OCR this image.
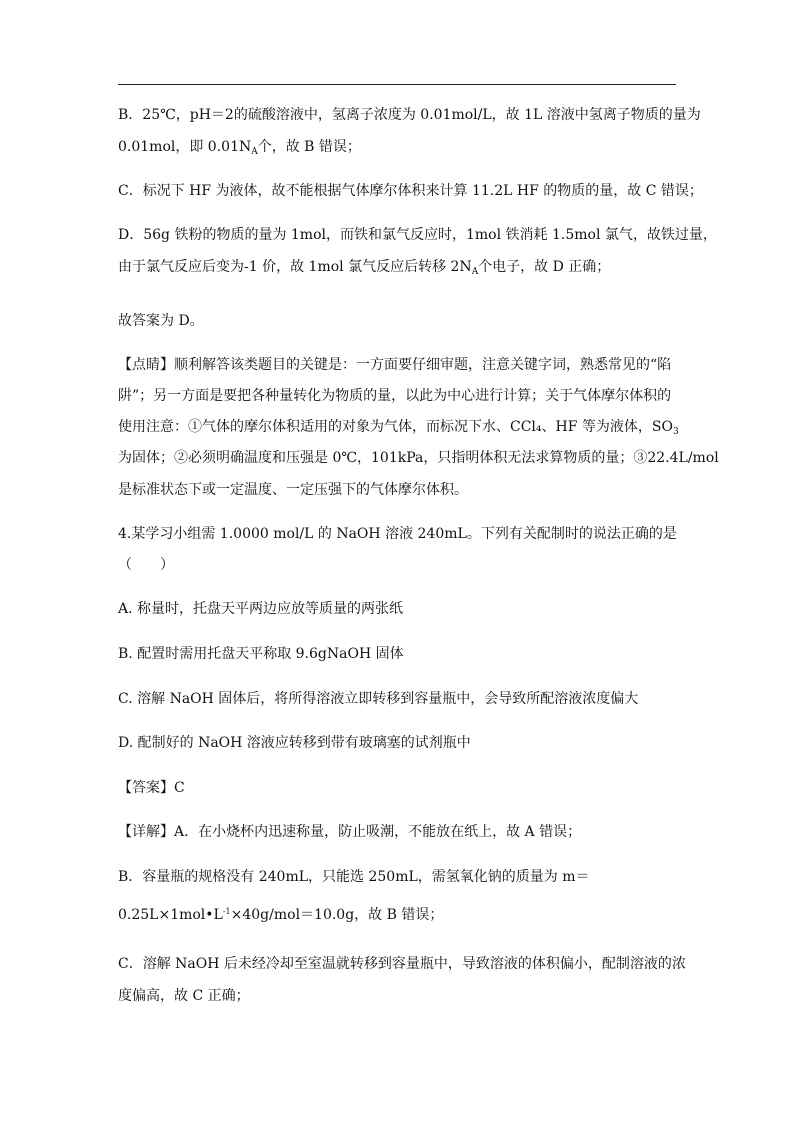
B．25℃，pH＝2的硫酸溶液中，氢离子浓度为 0.01mol/L，故 1L 溶液中氢离子物质的量为
0.01mol，即 $0.01N_A$个，故 B 错误；
C．标况下 HF 为液体，故不能根据气体摩尔体积来计算 11.2L HF 的物质的量，故 C 错误；
D．56g 铁粉的物质的量为 1mol，而铁和氯气反应时，1mol 铁消耗 1.5mol 氯气，故铁过量，
由于氯气反应后变为-1 价，故 1mol 氯气反应后转移 $2N_A$个电子，故 D 正确；
故答案为 D。
【点睛】顺利解答该类题目的关键是：一方面要仔细审题，注意关键字词，熟悉常见的“陷
阱”；另一方面是要把各种量转化为物质的量，以此为中心进行计算；关于气体摩尔体积的
使用注意：①气体的摩尔体积适用的对象为气体，而标况下水、CCl₄、HF 等为液体，$SO_3$
为固体；②必须明确温度和压强是 0℃，101kPa，只指明体积无法求算物质的量；③22.4L/mol
是标准状态下或一定温度、一定压强下的气体摩尔体积。
4.某学习小组需 1.0000 mol/L 的 NaOH 溶液 240mL。下列有关配制时的说法正确的是
（　　）
A. 称量时，托盘天平两边应放等质量的两张纸
B. 配置时需用托盘天平称取 9.6gNaOH 固体
C. 溶解 NaOH 固体后，将所得溶液立即转移到容量瓶中，会导致所配溶液浓度偏大
D. 配制好的 NaOH 溶液应转移到带有玻璃塞的试剂瓶中
【答案】C
【详解】A．在小烧杯内迅速称量，防止吸潮，不能放在纸上，故 A 错误；
B．容量瓶的规格没有 240mL，只能选 250mL，需氢氧化钠的质量为 m＝
$0.25L\times 1mol•L^{-1}\times 40g/mol=10.0g$，故 B 错误；
C．溶解 NaOH 后未经冷却至室温就转移到容量瓶中，导致溶液的体积偏小，配制溶液的浓
度偏高，故 C 正确；
